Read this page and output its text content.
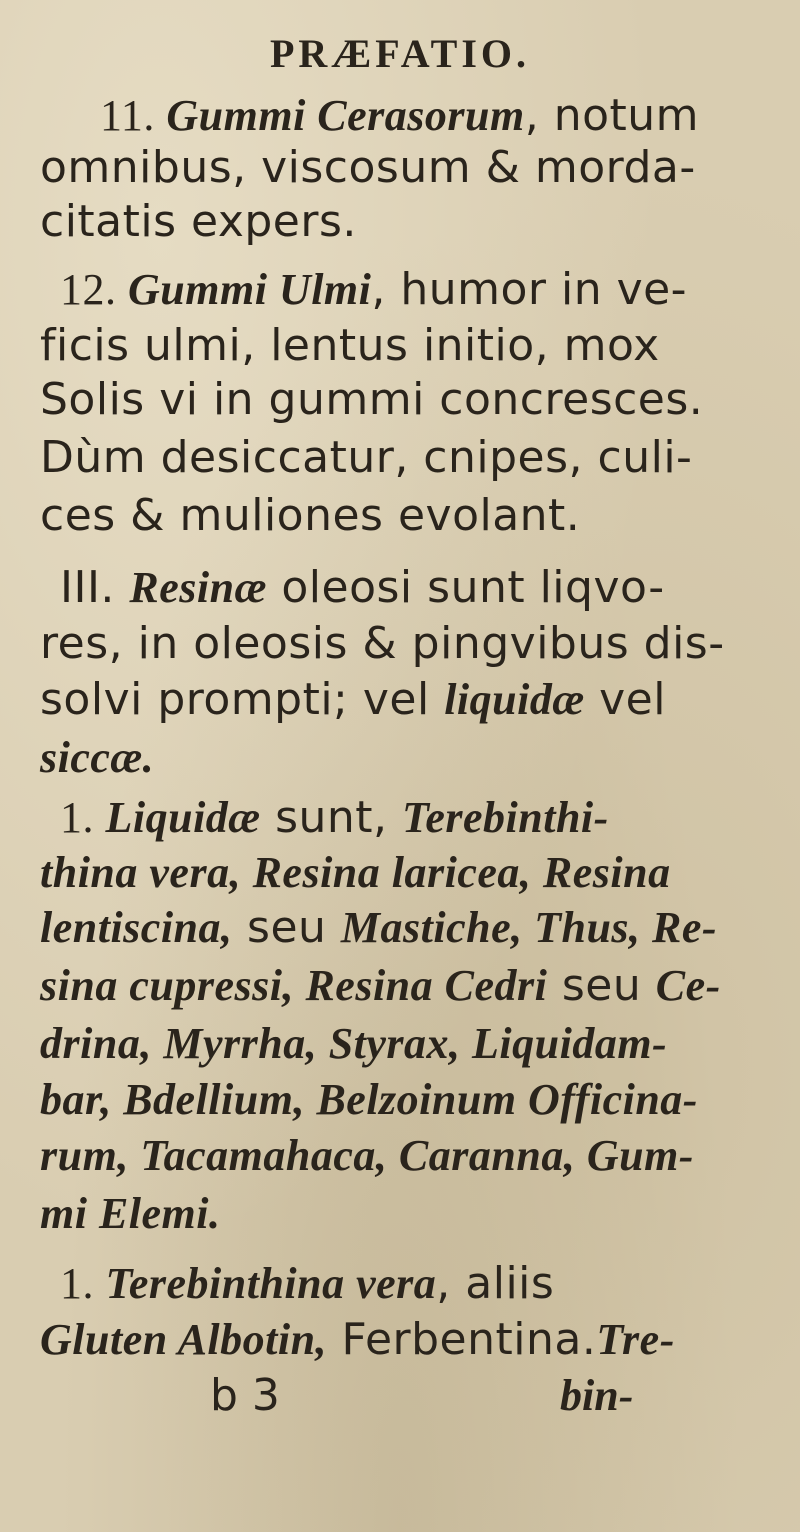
PRÆFATIO.
11. Gummi Cerasorum, notum
omnibus, viscosum & morda-
citatis expers.
12. Gummi Ulmi, humor in ve-
ficis ulmi, lentus initio, mox
Solis vi in gummi concresces.
Dùm desiccatur, cnipes, culi-
ces & muliones evolant.
III. Resinæ oleosi sunt liqvo-
res, in oleosis & pingvibus dis-
solvi prompti; vel liquidæ vel
siccæ.
1. Liquidæ sunt, Terebinthi-
thina vera, Resina laricea, Resina
lentiscina, seu Mastiche, Thus, Re-
sina cupressi, Resina Cedri seu Ce-
drina, Myrrha, Styrax, Liquidam-
bar, Bdellium, Belzoinum Officina-
rum, Tacamahaca, Caranna, Gum-
mi Elemi.
1. Terebinthina vera, aliis
Gluten Albotin, Ferbentina.Tre-
b 3	bin-
